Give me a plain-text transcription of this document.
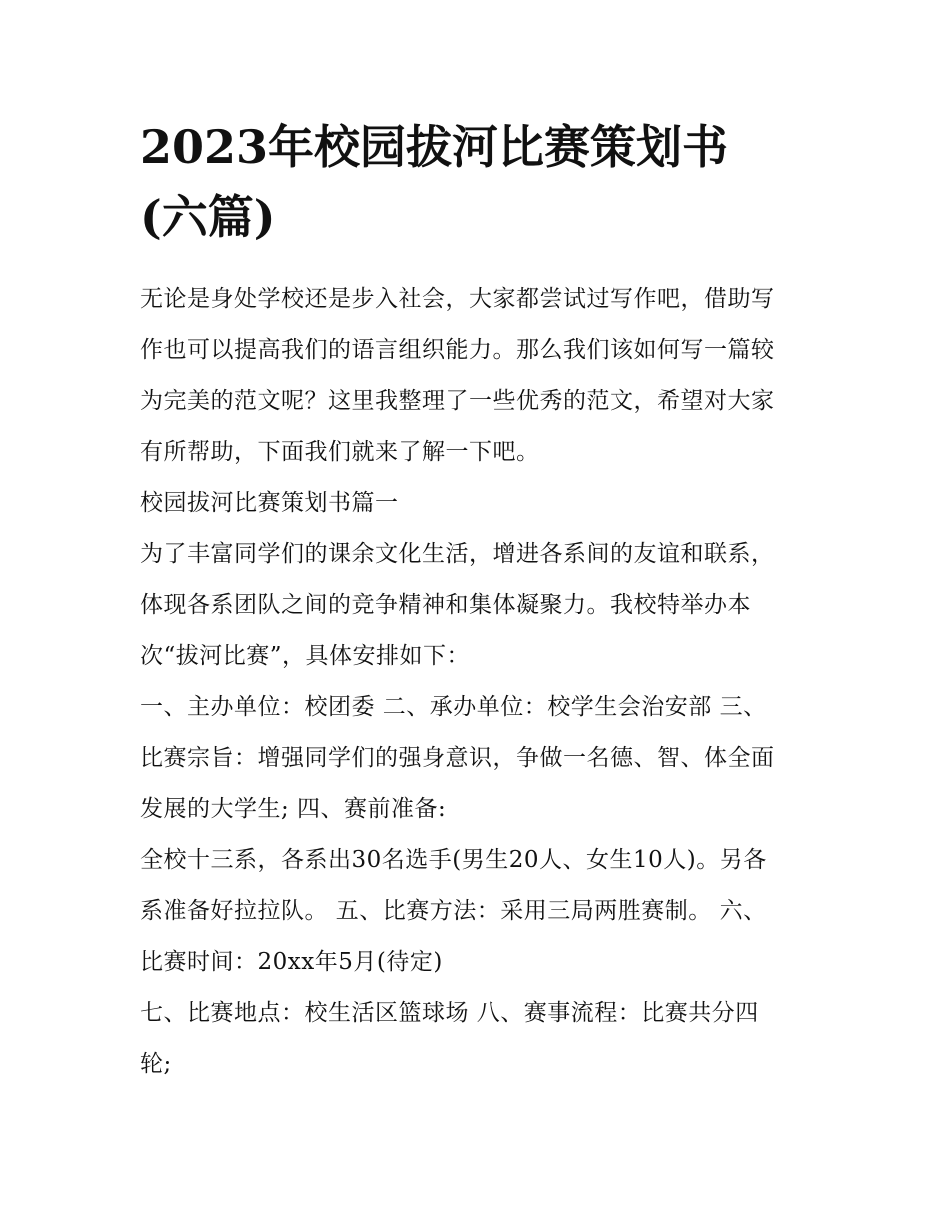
2023年校园拔河比赛策划书
(六篇)

无论是身处学校还是步入社会，大家都尝试过写作吧，借助写
作也可以提高我们的语言组织能力。那么我们该如何写一篇较
为完美的范文呢？这里我整理了一些优秀的范文，希望对大家
有所帮助，下面我们就来了解一下吧。

校园拔河比赛策划书篇一

为了丰富同学们的课余文化生活，增进各系间的友谊和联系，
体现各系团队之间的竞争精神和集体凝聚力。我校特举办本
次“拔河比赛”，具体安排如下：

一、主办单位：校团委 二、承办单位：校学生会治安部 三、
比赛宗旨：增强同学们的强身意识，争做一名德、智、体全面
发展的大学生; 四、赛前准备:

全校十三系，各系出30名选手(男生20人、女生10人)。另各
系准备好拉拉队。 五、比赛方法：采用三局两胜赛制。 六、
比赛时间：20xx年5月(待定)

七、比赛地点：校生活区篮球场 八、赛事流程：比赛共分四
轮;
